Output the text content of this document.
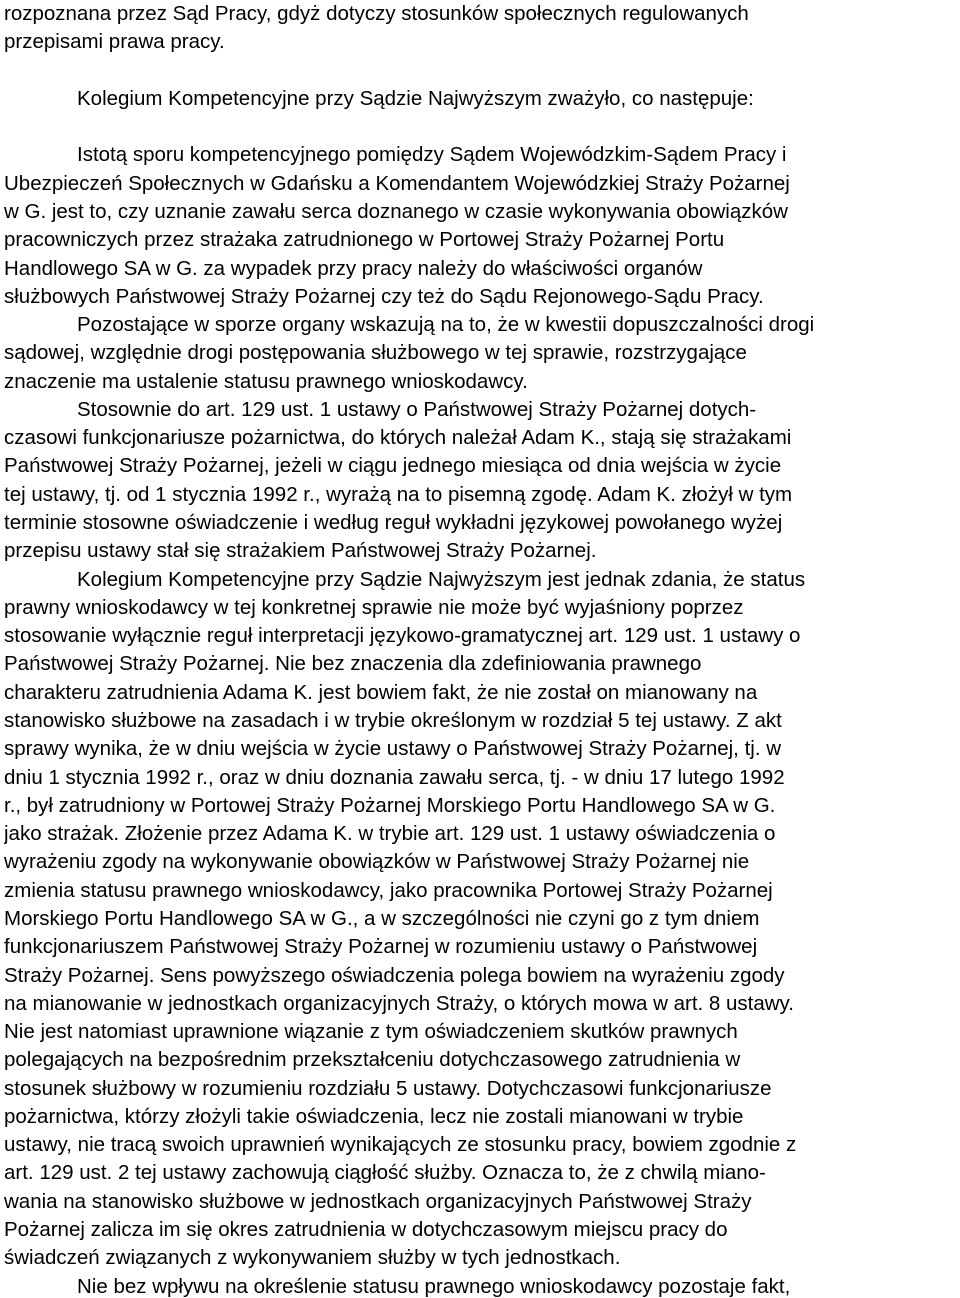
rozpoznana przez Sąd Pracy, gdyż dotyczy stosunków społecznych regulowanych
przepisami prawa pracy.
Kolegium Kompetencyjne przy Sądzie Najwyższym zważyło, co następuje:
Istotą sporu kompetencyjnego pomiędzy Sądem Wojewódzkim-Sądem Pracy i
Ubezpieczeń Społecznych w Gdańsku a Komendantem Wojewódzkiej Straży Pożarnej
w G. jest to, czy uznanie zawału serca doznanego w czasie wykonywania obowiązków
pracowniczych przez strażaka zatrudnionego w Portowej Straży Pożarnej Portu
Handlowego SA w G. za wypadek przy pracy należy do właściwości organów
służbowych Państwowej Straży Pożarnej czy też do Sądu Rejonowego-Sądu Pracy.
Pozostające w sporze organy wskazują na to, że w kwestii dopuszczalności drogi
sądowej, względnie drogi postępowania służbowego w tej sprawie, rozstrzygające
znaczenie ma ustalenie statusu prawnego wnioskodawcy.
Stosownie do art. 129 ust. 1 ustawy o Państwowej Straży Pożarnej dotych-
czasowi funkcjonariusze pożarnictwa, do których należał Adam K., stają się strażakami
Państwowej Straży Pożarnej, jeżeli w ciągu jednego miesiąca od dnia wejścia w życie
tej ustawy, tj. od 1 stycznia 1992 r., wyrażą na to pisemną zgodę. Adam K. złożył w tym
terminie stosowne oświadczenie i według reguł wykładni językowej powołanego wyżej
przepisu ustawy stał się strażakiem Państwowej Straży Pożarnej.
Kolegium Kompetencyjne przy Sądzie Najwyższym jest jednak zdania, że status
prawny wnioskodawcy w tej konkretnej sprawie nie może być wyjaśniony poprzez
stosowanie wyłącznie reguł interpretacji językowo-gramatycznej art. 129 ust. 1 ustawy o
Państwowej Straży Pożarnej. Nie bez znaczenia dla zdefiniowania prawnego
charakteru zatrudnienia Adama K. jest bowiem fakt, że nie został on mianowany na
stanowisko służbowe na zasadach i w trybie określonym w rozdział 5 tej ustawy. Z akt
sprawy wynika, że w dniu wejścia w życie ustawy o Państwowej Straży Pożarnej, tj. w
dniu 1 stycznia 1992 r., oraz w dniu doznania zawału serca, tj. - w dniu 17 lutego 1992
r., był zatrudniony w Portowej Straży Pożarnej Morskiego Portu Handlowego SA w G.
jako strażak. Złożenie przez Adama K. w trybie art. 129 ust. 1 ustawy oświadczenia o
wyrażeniu zgody na wykonywanie obowiązków w Państwowej Straży Pożarnej nie
zmienia statusu prawnego wnioskodawcy, jako pracownika Portowej Straży Pożarnej
Morskiego Portu Handlowego SA w G., a w szczególności nie czyni go z tym dniem
funkcjonariuszem Państwowej Straży Pożarnej w rozumieniu ustawy o Państwowej
Straży Pożarnej. Sens powyższego oświadczenia polega bowiem na wyrażeniu zgody
na mianowanie w jednostkach organizacyjnych Straży, o których mowa w art. 8 ustawy.
Nie jest natomiast uprawnione wiązanie z tym oświadczeniem skutków prawnych
polegających na bezpośrednim przekształceniu dotychczasowego zatrudnienia w
stosunek służbowy w rozumieniu rozdziału 5 ustawy. Dotychczasowi funkcjonariusze
pożarnictwa, którzy złożyli takie oświadczenia, lecz nie zostali mianowani w trybie
ustawy, nie tracą swoich uprawnień wynikających ze stosunku pracy, bowiem zgodnie z
art. 129 ust. 2 tej ustawy zachowują ciągłość służby. Oznacza to, że z chwilą miano-
wania na stanowisko służbowe w jednostkach organizacyjnych Państwowej Straży
Pożarnej zalicza im się okres zatrudnienia w dotychczasowym miejscu pracy do
świadczeń związanych z wykonywaniem służby w tych jednostkach.
Nie bez wpływu na określenie statusu prawnego wnioskodawcy pozostaje fakt,
